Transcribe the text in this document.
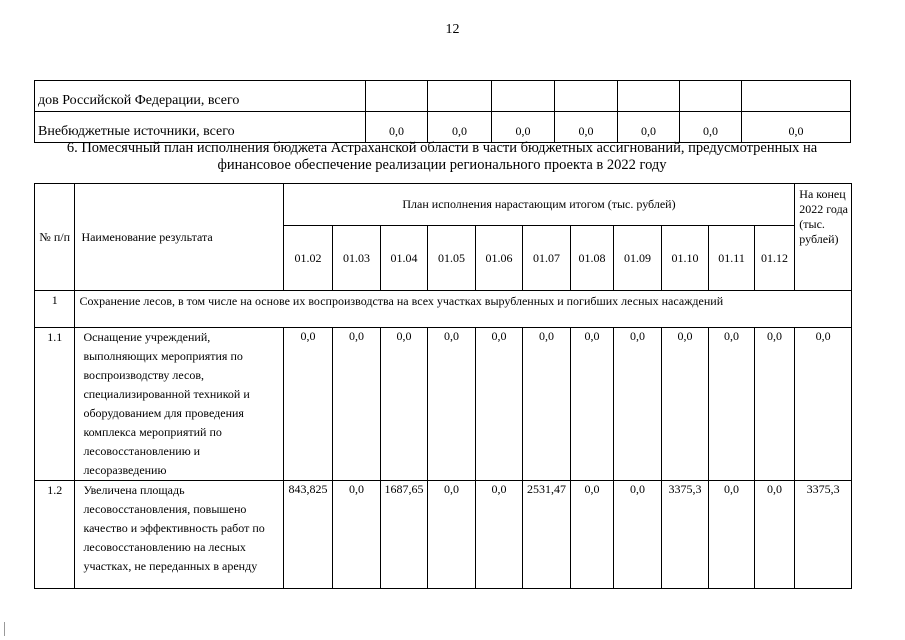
12
дов Российской Федерации, всего							
Внебюджетные источники, всего	0,0	0,0	0,0	0,0	0,0	0,0	0,0
6. Помесячный план исполнения бюджета Астраханской области в части бюджетных ассигнований, предусмотренных на финансовое обеспечение реализации регионального проекта в 2022 году
№ п/п	Наименование результата	План исполнения нарастающим итогом (тыс. рублей)											На конец 2022 года (тыс. рублей)
		01.02	01.03	01.04	01.05	01.06	01.07	01.08	01.09	01.10	01.11	01.12	
1	Сохранение лесов, в том числе на основе их воспроизводства на всех участках вырубленных и погибших лесных насаждений												
1.1	Оснащение учреждений, выполняющих мероприятия по воспроизводству лесов, специализированной техникой и оборудованием для проведения комплекса мероприятий по лесовосстановлению и лесоразведению	0,0	0,0	0,0	0,0	0,0	0,0	0,0	0,0	0,0	0,0	0,0	0,0
1.2	Увеличена площадь лесовосстановления, повышено качество и эффективность работ по лесовосстановлению на лесных участках, не переданных в аренду	843,825	0,0	1687,65	0,0	0,0	2531,47	0,0	0,0	3375,3	0,0	0,0	3375,3
